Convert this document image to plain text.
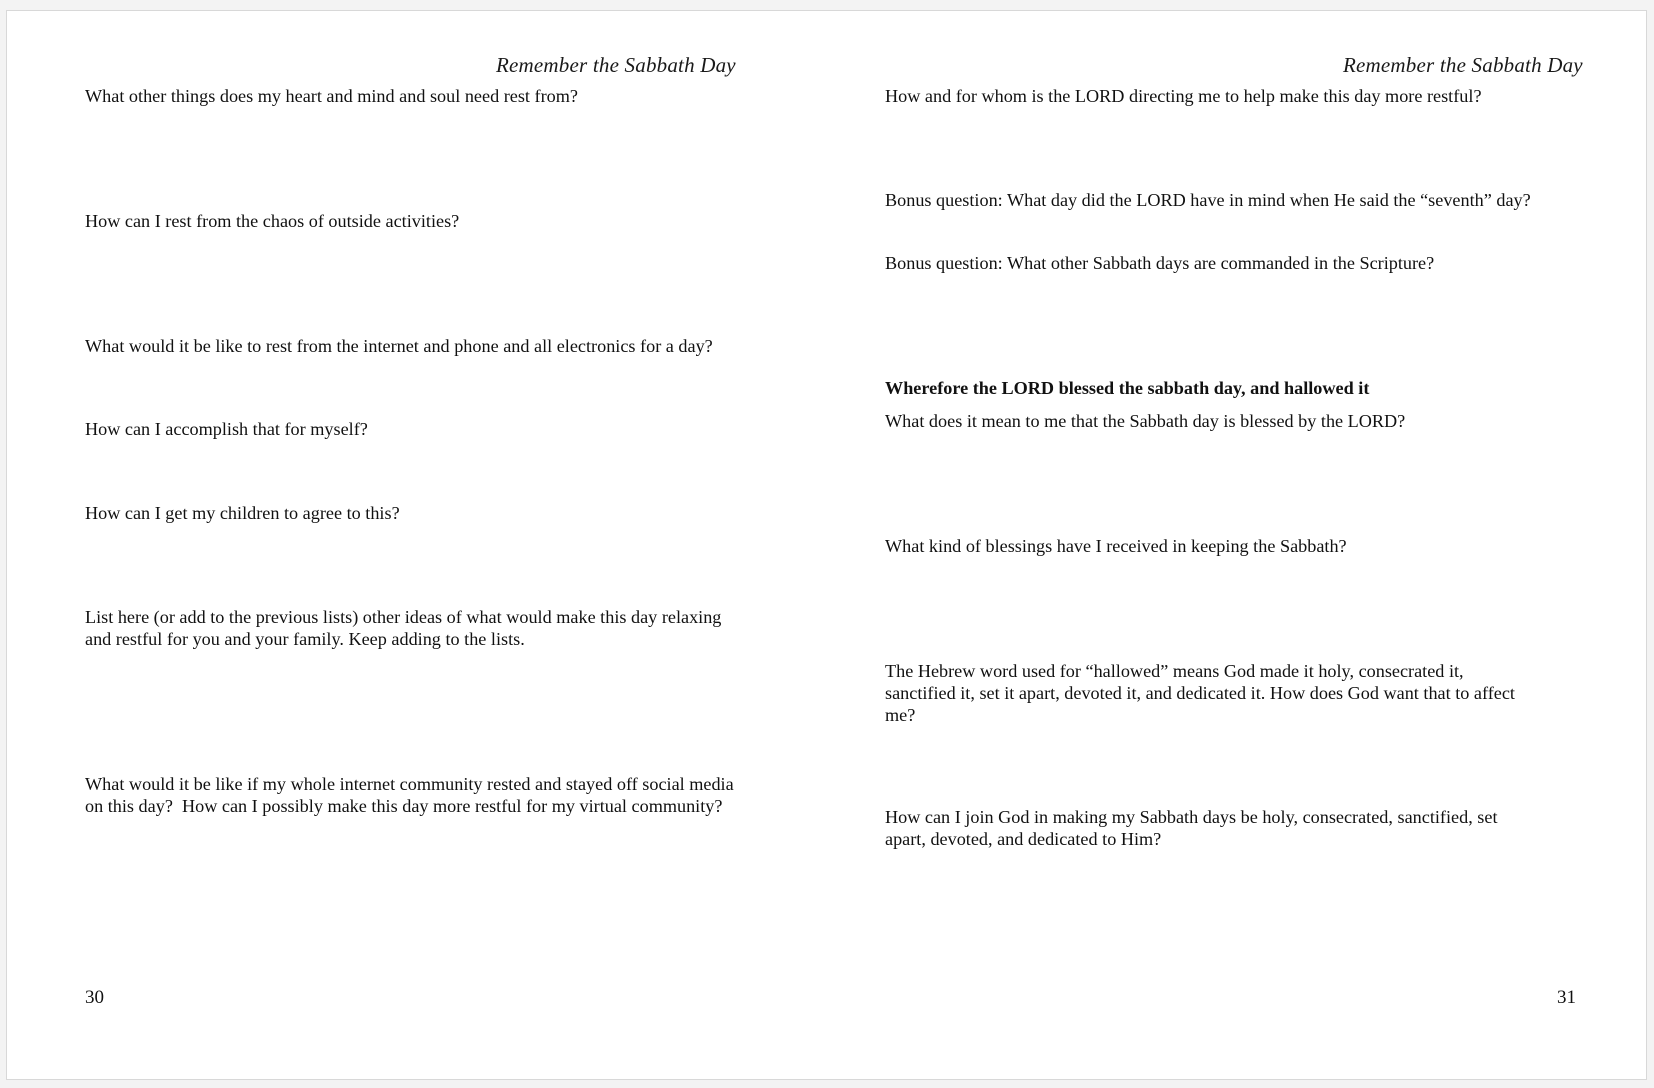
Remember the Sabbath Day
What other things does my heart and mind and soul need rest from?
How can I rest from the chaos of outside activities?
What would it be like to rest from the internet and phone and all electronics for a day?
How can I accomplish that for myself?
How can I get my children to agree to this?
List here (or add to the previous lists) other ideas of what would make this day relaxing
and restful for you and your family. Keep adding to the lists.
What would it be like if my whole internet community rested and stayed off social media
on this day?  How can I possibly make this day more restful for my virtual community?
30
Remember the Sabbath Day
How and for whom is the LORD directing me to help make this day more restful?
Bonus question: What day did the LORD have in mind when He said the “seventh” day?
Bonus question: What other Sabbath days are commanded in the Scripture?
Wherefore the LORD blessed the sabbath day, and hallowed it
What does it mean to me that the Sabbath day is blessed by the LORD?
What kind of blessings have I received in keeping the Sabbath?
The Hebrew word used for “hallowed” means God made it holy, consecrated it,
sanctified it, set it apart, devoted it, and dedicated it. How does God want that to affect
me?
How can I join God in making my Sabbath days be holy, consecrated, sanctified, set
apart, devoted, and dedicated to Him?
31
